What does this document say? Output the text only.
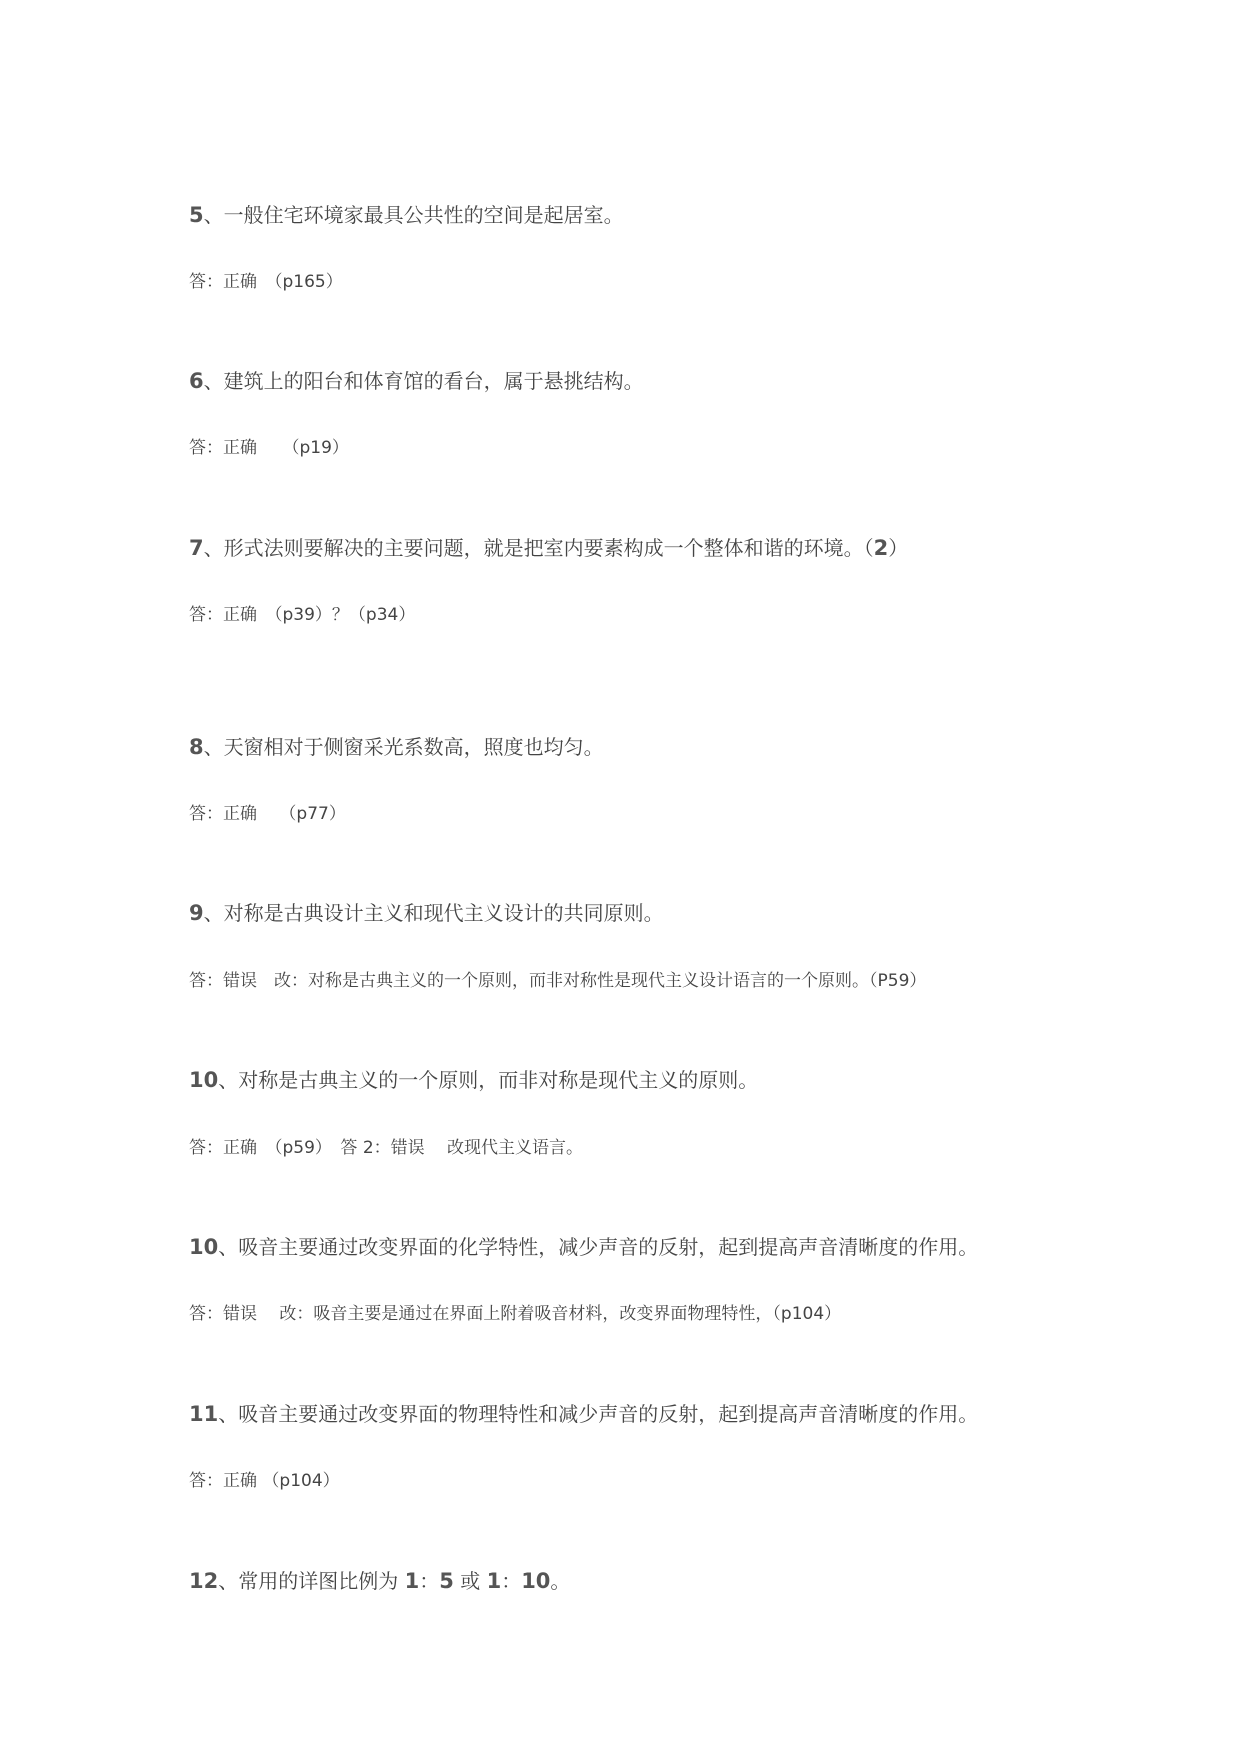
5、一般住宅环境家最具公共性的空间是起居室。
答：正确　（p165）
6、建筑上的阳台和体育馆的看台，属于悬挑结构。
答：正确　　（p19）
7、形式法则要解决的主要问题，就是把室内要素构成一个整体和谐的环境。（2）
答：正确　（p39）？（p34）
8、天窗相对于侧窗采光系数高，照度也均匀。
答：正确　 （p77）
9、对称是古典设计主义和现代主义设计的共同原则。
答：错误　改：对称是古典主义的一个原则，而非对称性是现代主义设计语言的一个原则。（P59）
10、对称是古典主义的一个原则，而非对称是现代主义的原则。
答：正确　（p59）　答 2：错误　 改现代主义语言。
10、吸音主要通过改变界面的化学特性，减少声音的反射，起到提高声音清晰度的作用。
答：错误　 改：吸音主要是通过在界面上附着吸音材料，改变界面物理特性，（p104）
11、吸音主要通过改变界面的物理特性和减少声音的反射，起到提高声音清晰度的作用。
答：正确 （p104）
12、常用的详图比例为 1：5 或 1：10。
